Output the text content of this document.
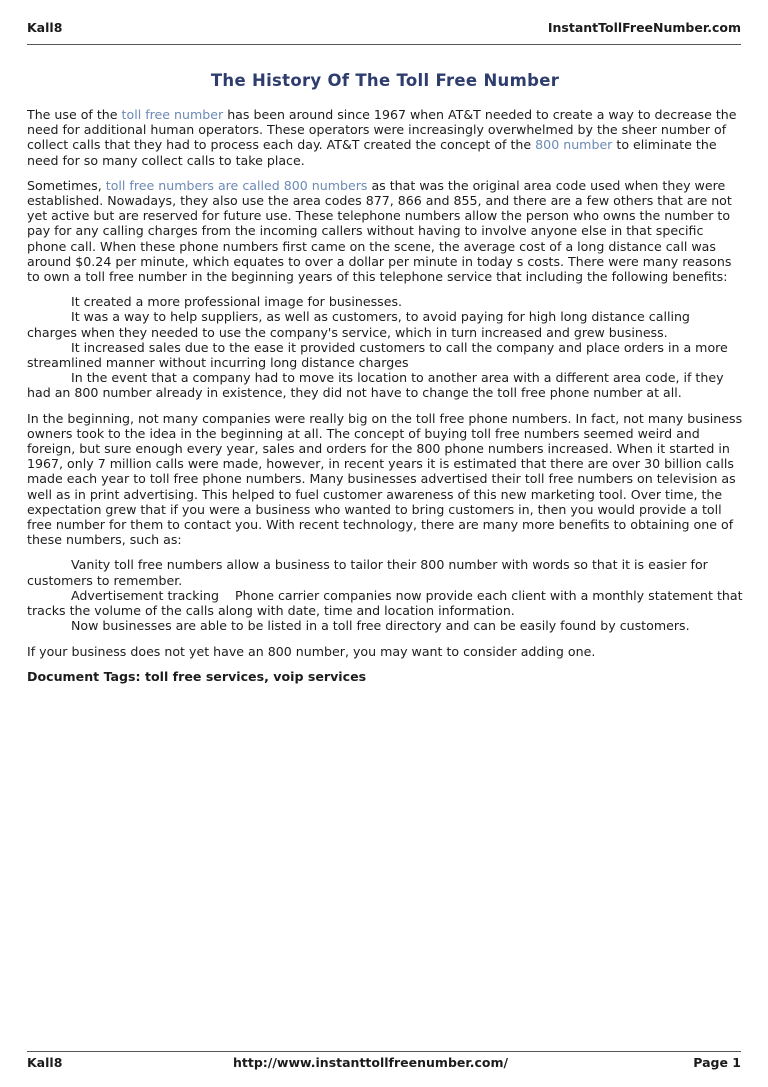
Kall8	InstantTollFreeNumber.com
The History Of The Toll Free Number

The use of the toll free number has been around since 1967 when AT&T needed to create a way to decrease the need for additional human operators. These operators were increasingly overwhelmed by the sheer number of collect calls that they had to process each day. AT&T created the concept of the 800 number to eliminate the need for so many collect calls to take place.

Sometimes, toll free numbers are called 800 numbers as that was the original area code used when they were established. Nowadays, they also use the area codes 877, 866 and 855, and there are a few others that are not yet active but are reserved for future use. These telephone numbers allow the person who owns the number to pay for any calling charges from the incoming callers without having to involve anyone else in that specific phone call. When these phone numbers first came on the scene, the average cost of a long distance call was around $0.24 per minute, which equates to over a dollar per minute in today s costs. There were many reasons to own a toll free number in the beginning years of this telephone service that including the following benefits:

It created a more professional image for businesses.
It was a way to help suppliers, as well as customers, to avoid paying for high long distance calling charges when they needed to use the company's service, which in turn increased and grew business.
It increased sales due to the ease it provided customers to call the company and place orders in a more streamlined manner without incurring long distance charges
In the event that a company had to move its location to another area with a different area code, if they had an 800 number already in existence, they did not have to change the toll free phone number at all.

In the beginning, not many companies were really big on the toll free phone numbers. In fact, not many business owners took to the idea in the beginning at all. The concept of buying toll free numbers seemed weird and foreign, but sure enough every year, sales and orders for the 800 phone numbers increased. When it started in 1967, only 7 million calls were made, however, in recent years it is estimated that there are over 30 billion calls made each year to toll free phone numbers. Many businesses advertised their toll free numbers on television as well as in print advertising. This helped to fuel customer awareness of this new marketing tool. Over time, the expectation grew that if you were a business who wanted to bring customers in, then you would provide a toll free number for them to contact you. With recent technology, there are many more benefits to obtaining one of these numbers, such as:

Vanity toll free numbers allow a business to tailor their 800 number with words so that it is easier for customers to remember.
Advertisement tracking    Phone carrier companies now provide each client with a monthly statement that tracks the volume of the calls along with date, time and location information.
Now businesses are able to be listed in a toll free directory and can be easily found by customers.

If your business does not yet have an 800 number, you may want to consider adding one.

Document Tags: toll free services, voip services
Kall8	http://www.instanttollfreenumber.com/	Page 1
